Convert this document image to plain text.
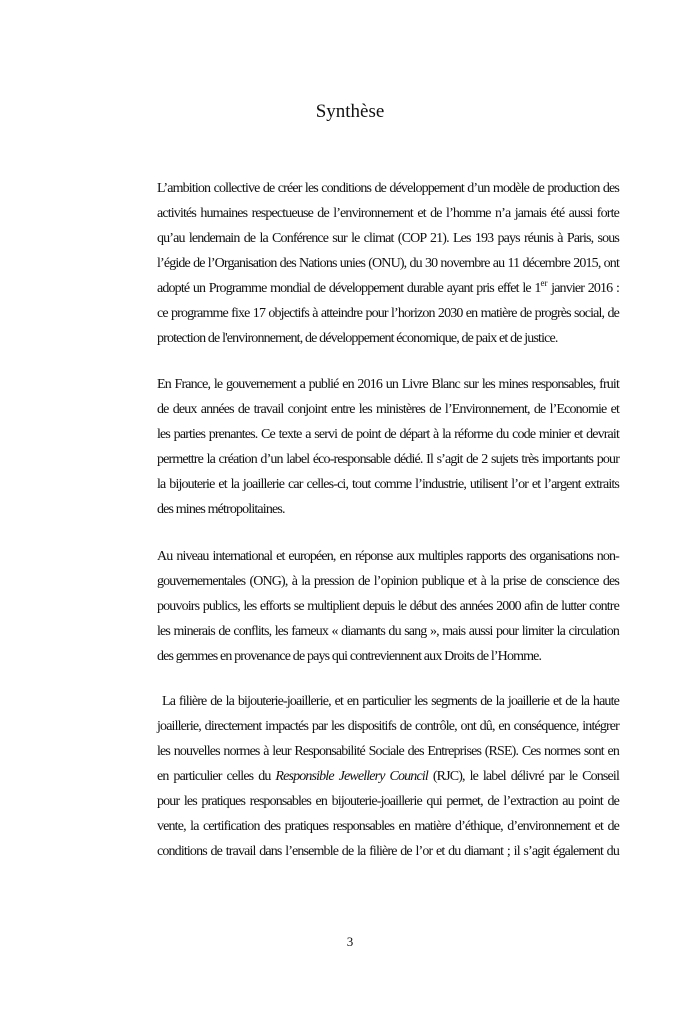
Synthèse
L’ambition collective de créer les conditions de développement d’un modèle de production des
activités humaines respectueuse de l’environnement et de l’homme n’a jamais été aussi forte
qu’au lendemain de la Conférence sur le climat (COP 21). Les 193 pays réunis à Paris, sous
l’égide de l’Organisation des Nations unies (ONU), du 30 novembre au 11 décembre 2015, ont
adopté un Programme mondial de développement durable ayant pris effet le 1er janvier 2016 :
ce programme fixe 17 objectifs à atteindre pour l’horizon 2030 en matière de progrès social, de
protection de l'environnement, de développement économique, de paix et de justice.
En France, le gouvernement a publié en 2016 un Livre Blanc sur les mines responsables, fruit
de deux années de travail conjoint entre les ministères de l’Environnement, de l’Economie et
les parties prenantes. Ce texte a servi de point de départ à la réforme du code minier et devrait
permettre la création d’un label éco-responsable dédié. Il s’agit de 2 sujets très importants pour
la bijouterie et la joaillerie car celles-ci, tout comme l’industrie, utilisent l’or et l’argent extraits
des mines métropolitaines.
Au niveau international et européen, en réponse aux multiples rapports des organisations non-
gouvernementales (ONG), à la pression de l’opinion publique et à la prise de conscience des
pouvoirs publics, les efforts se multiplient depuis le début des années 2000 afin de lutter contre
les minerais de conflits, les fameux « diamants du sang », mais aussi pour limiter la circulation
des gemmes en provenance de pays qui contreviennent aux Droits de l’Homme.
La filière de la bijouterie-joaillerie, et en particulier les segments de la joaillerie et de la haute
joaillerie, directement impactés par les dispositifs de contrôle, ont dû, en conséquence, intégrer
les nouvelles normes à leur Responsabilité Sociale des Entreprises (RSE). Ces normes sont en
en particulier celles du Responsible Jewellery Council (RJC), le label délivré par le Conseil
pour les pratiques responsables en bijouterie-joaillerie qui permet, de l’extraction au point de
vente, la certification des pratiques responsables en matière d’éthique, d’environnement et de
conditions de travail dans l’ensemble de la filière de l’or et du diamant ; il s’agit également du
3
